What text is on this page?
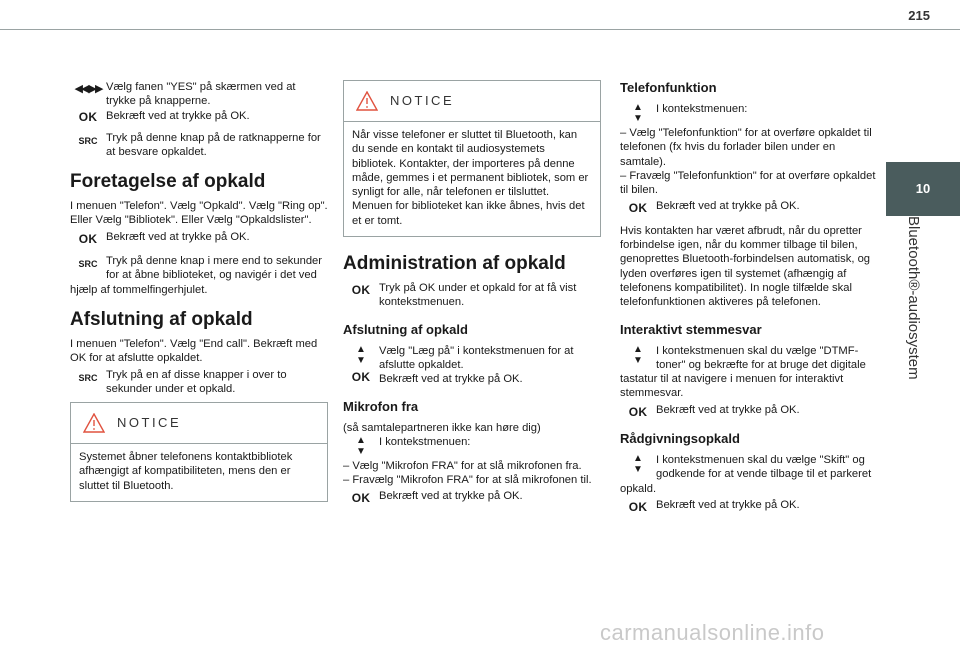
215
10
Bluetooth®-audiosystem
◀◀ ▶▶
OK

Vælg fanen "YES" på skærmen ved at trykke på knapperne.

Bekræft ved at trykke på OK.

SRC Tryk på denne knap på de ratknapperne for at besvare opkaldet.

Foretagelse af opkald

I menuen "Telefon". Vælg "Opkald". Vælg "Ring op". Eller Vælg "Bibliotek". Eller Vælg "Opkaldslister".

OK Bekræft ved at trykke på OK.

SRC Tryk på denne knap i mere end to sekunder for at åbne biblioteket, og navigér i det ved hjælp af tommelfingerhjulet.

Afslutning af opkald

I menuen "Telefon". Vælg "End call". Bekræft med OK for at afslutte opkaldet.

SRC Tryk på en af disse knapper i over to sekunder under et opkald.

NOTICE

Systemet åbner telefonens kontaktbibliotek afhængigt af kompatibiliteten, mens den er sluttet til Bluetooth.

NOTICE

Når visse telefoner er sluttet til Bluetooth, kan du sende en kontakt til audiosystemets bibliotek. Kontakter, der importeres på denne måde, gemmes i et permanent bibliotek, som er synligt for alle, når telefonen er tilsluttet. Menuen for biblioteket kan ikke åbnes, hvis det et er tomt.

Administration af opkald
OK Tryk på OK under et opkald for at få vist kontekstmenuen.

Afslutning af opkald
▲
▼
OK

Vælg "Læg på" i kontekstmenuen for at afslutte opkaldet.

Bekræft ved at trykke på OK.

Mikrofon fra

(så samtalepartneren ikke kan høre dig)

▲
▼

I kontekstmenuen:

– Vælg "Mikrofon FRA" for at slå mikrofonen fra.

– Fravælg "Mikrofon FRA" for at slå mikrofonen til.

OK Bekræft ved at trykke på OK.

Telefonfunktion
▲
▼

I kontekstmenuen:

– Vælg "Telefonfunktion" for at overføre opkaldet til telefonen (fx hvis du forlader bilen under en samtale).

– Fravælg "Telefonfunktion" for at overføre opkaldet til bilen.

OK Bekræft ved at trykke på OK.

Hvis kontakten har været afbrudt, når du opretter forbindelse igen, når du kommer tilbage til bilen, genoprettes Bluetooth-forbindelsen automatisk, og lyden overføres igen til systemet (afhængig af telefonens kompatibilitet). In nogle tilfælde skal telefonfunktionen aktiveres på telefonen.

Interaktivt stemmesvar
▲
▼

I kontekstmenuen skal du vælge "DTMF-toner" og bekræfte for at bruge det digitale tastatur til at navigere i menuen for interaktivt stemmesvar.

OK Bekræft ved at trykke på OK.

Rådgivningsopkald
▲
▼

I kontekstmenuen skal du vælge "Skift" og godkende for at vende tilbage til et parkeret opkald.

OK Bekræft ved at trykke på OK.

carmanualsonline.info
